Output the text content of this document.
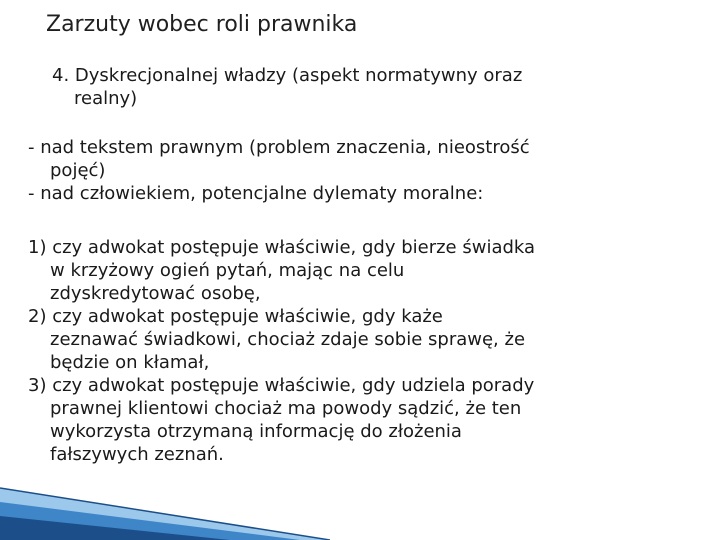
Zarzuty wobec roli prawnika
4. Dyskrecjonalnej władzy (aspekt normatywny oraz
realny)
- nad tekstem prawnym (problem znaczenia, nieostrość
pojęć)
- nad człowiekiem, potencjalne dylematy moralne:
1) czy adwokat postępuje właściwie, gdy bierze świadka
w krzyżowy ogień pytań, mając na celu
zdyskredytować osobę,
2) czy adwokat postępuje właściwie, gdy każe
zeznawać świadkowi, chociaż zdaje sobie sprawę, że
będzie on kłamał,
3) czy adwokat postępuje właściwie, gdy udziela porady
prawnej klientowi chociaż ma powody sądzić, że ten
wykorzysta otrzymaną informację do złożenia
fałszywych zeznań.
